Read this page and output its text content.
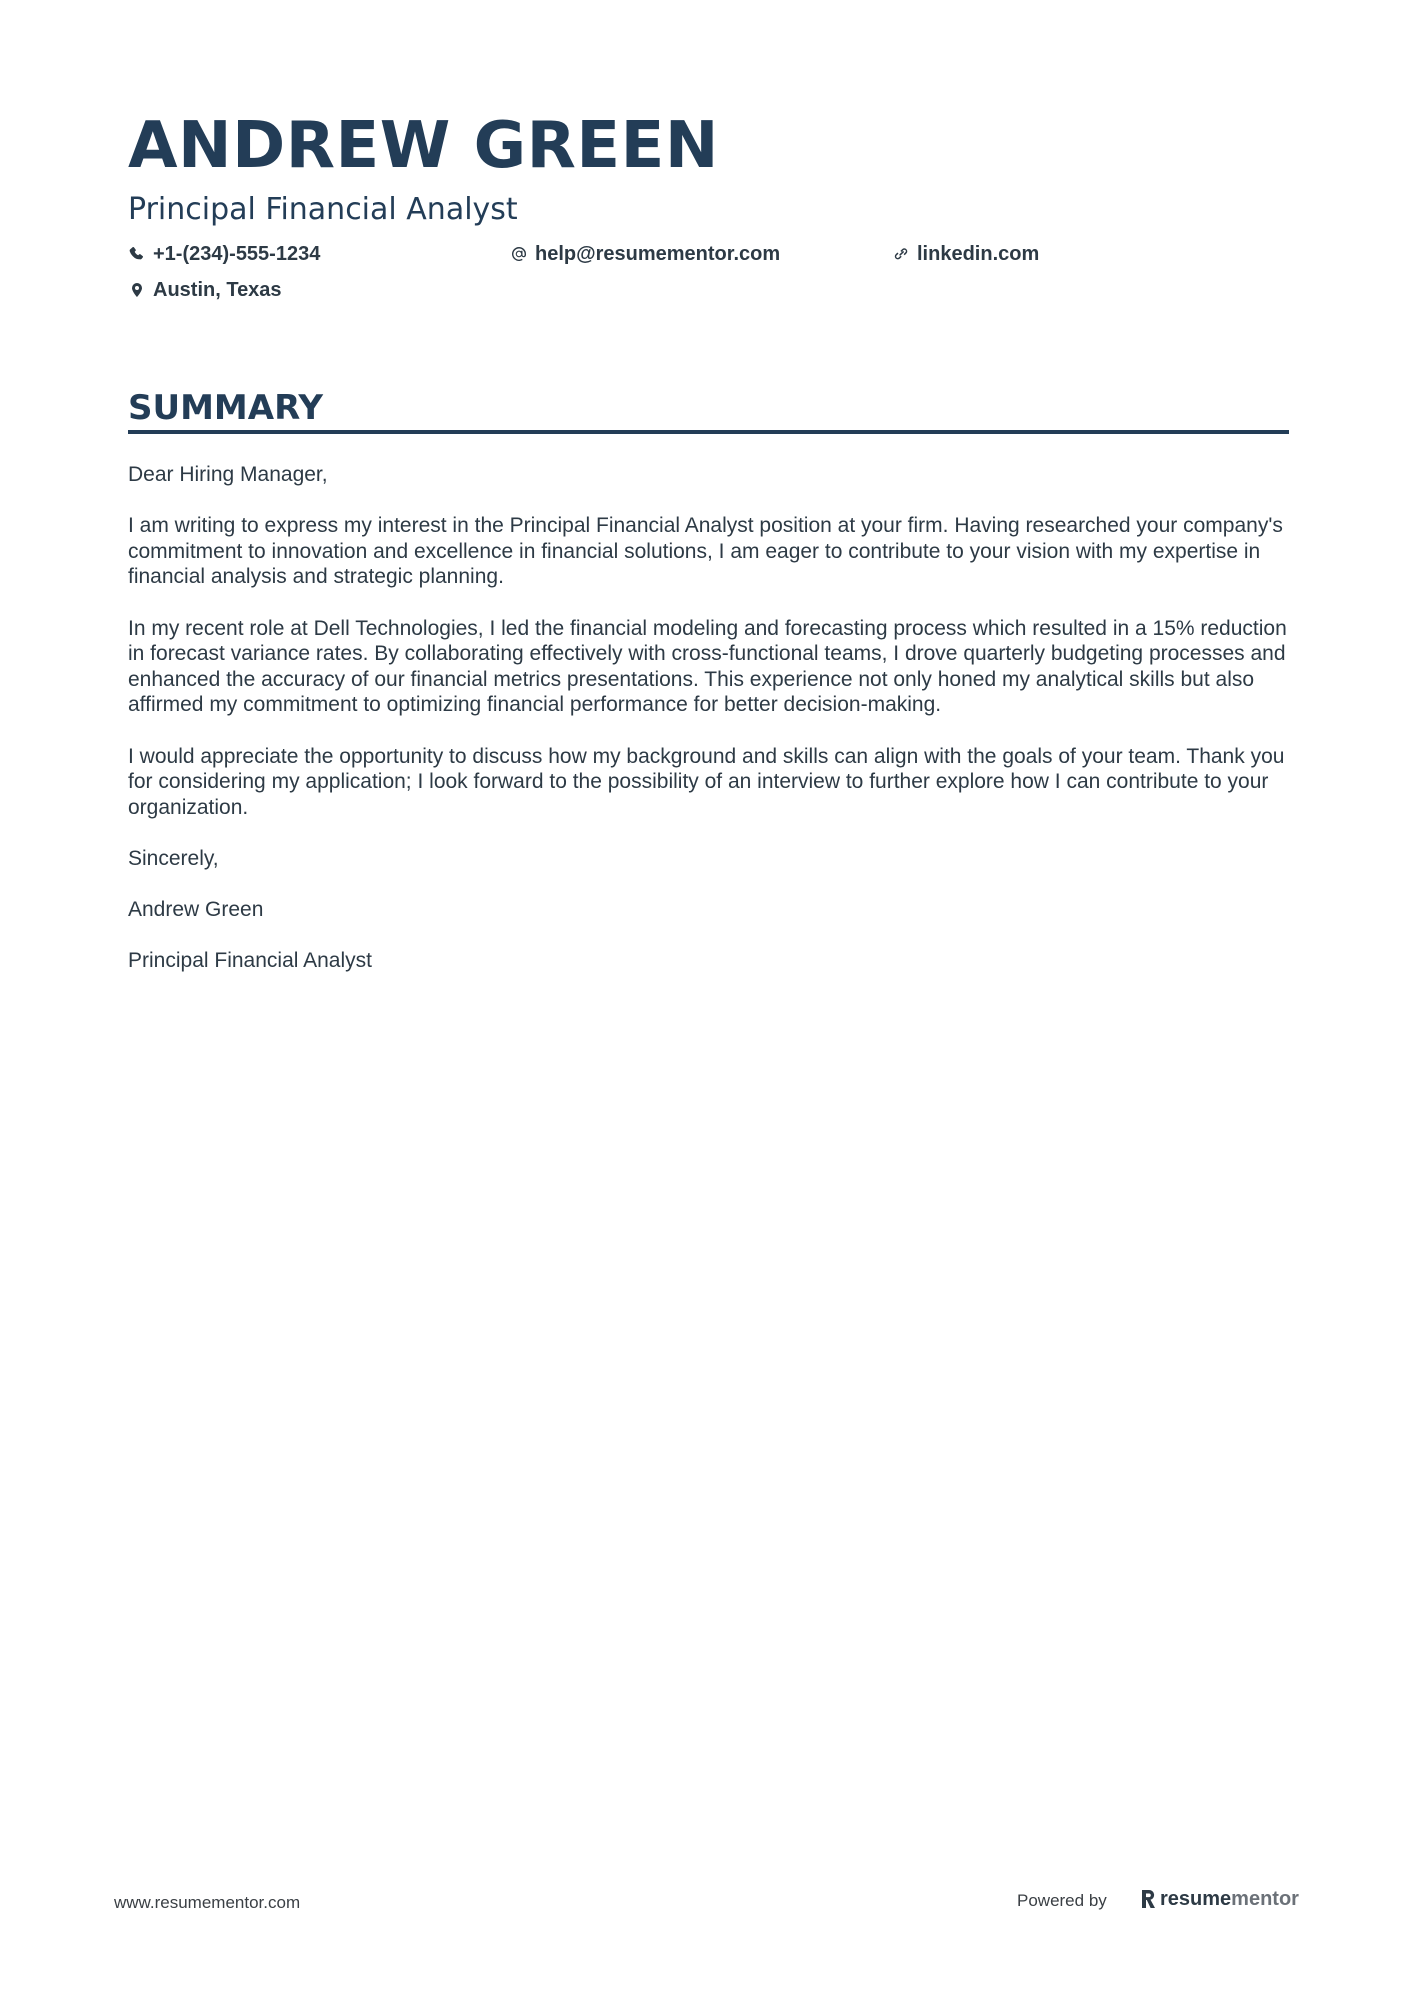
ANDREW GREEN
Principal Financial Analyst
+1-(234)-555-1234	help@resumementor.com	linkedin.com
Austin, Texas
SUMMARY

Dear Hiring Manager,

I am writing to express my interest in the Principal Financial Analyst position at your firm. Having researched your company's commitment to innovation and excellence in financial solutions, I am eager to contribute to your vision with my expertise in financial analysis and strategic planning.

In my recent role at Dell Technologies, I led the financial modeling and forecasting process which resulted in a 15% reduction in forecast variance rates. By collaborating effectively with cross-functional teams, I drove quarterly budgeting processes and enhanced the accuracy of our financial metrics presentations. This experience not only honed my analytical skills but also affirmed my commitment to optimizing financial performance for better decision-making.

I would appreciate the opportunity to discuss how my background and skills can align with the goals of your team. Thank you for considering my application; I look forward to the possibility of an interview to further explore how I can contribute to your organization.

Sincerely,

Andrew Green

Principal Financial Analyst

www.resumementor.com	Powered by	resume mentor
